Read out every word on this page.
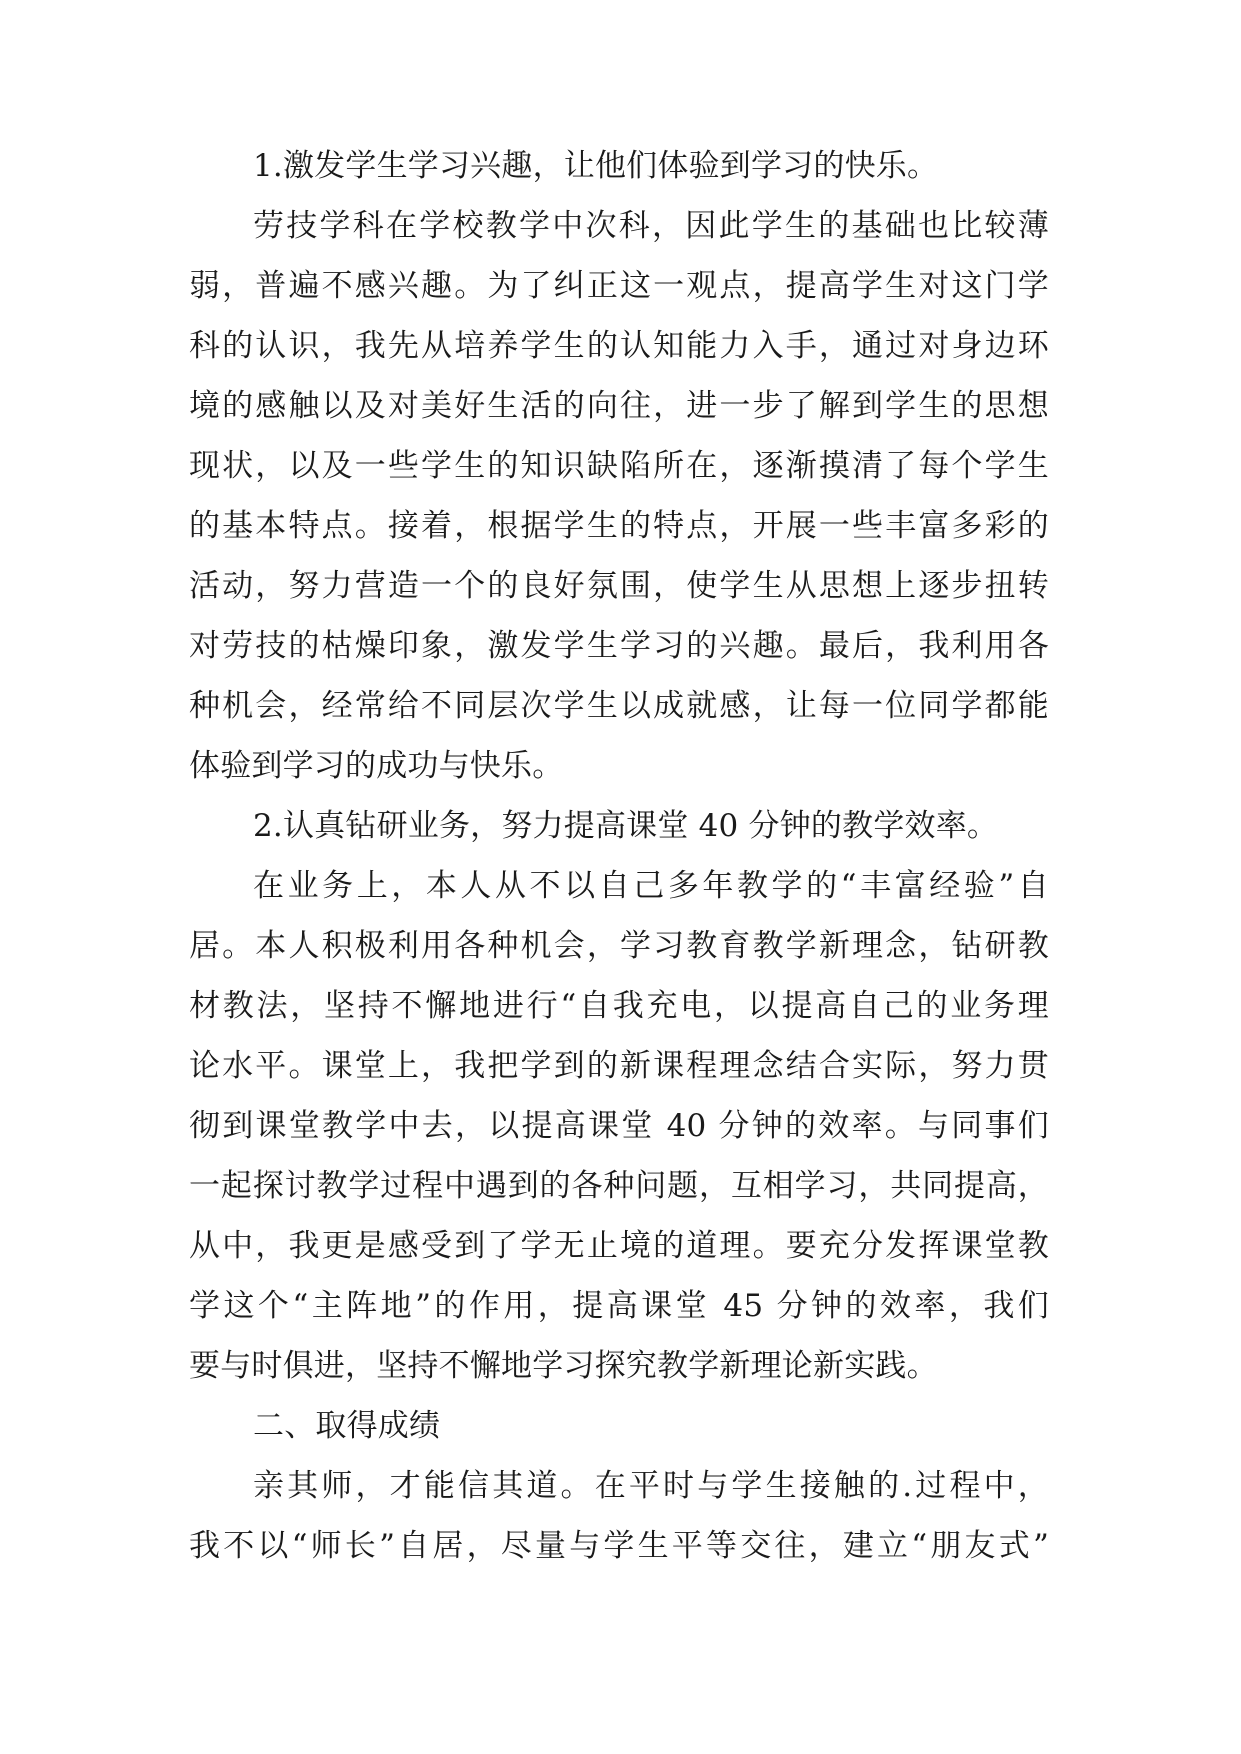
1.激发学生学习兴趣，让他们体验到学习的快乐。
劳技学科在学校教学中次科，因此学生的基础也比较薄
弱，普遍不感兴趣。为了纠正这一观点，提高学生对这门学
科的认识，我先从培养学生的认知能力入手，通过对身边环
境的感触以及对美好生活的向往，进一步了解到学生的思想
现状，以及一些学生的知识缺陷所在，逐渐摸清了每个学生
的基本特点。接着，根据学生的特点，开展一些丰富多彩的
活动，努力营造一个的良好氛围，使学生从思想上逐步扭转
对劳技的枯燥印象，激发学生学习的兴趣。最后，我利用各
种机会，经常给不同层次学生以成就感，让每一位同学都能
体验到学习的成功与快乐。
2.认真钻研业务，努力提高课堂 40 分钟的教学效率。
在业务上，本人从不以自己多年教学的“丰富经验”自
居。本人积极利用各种机会，学习教育教学新理念，钻研教
材教法，坚持不懈地进行“自我充电，以提高自己的业务理
论水平。课堂上，我把学到的新课程理念结合实际，努力贯
彻到课堂教学中去，以提高课堂 40 分钟的效率。与同事们
一起探讨教学过程中遇到的各种问题，互相学习，共同提高，
从中，我更是感受到了学无止境的道理。要充分发挥课堂教
学这个“主阵地”的作用，提高课堂 45 分钟的效率，我们
要与时俱进，坚持不懈地学习探究教学新理论新实践。
二、取得成绩
亲其师，才能信其道。在平时与学生接触的.过程中，
我不以“师长”自居，尽量与学生平等交往，建立“朋友式”
